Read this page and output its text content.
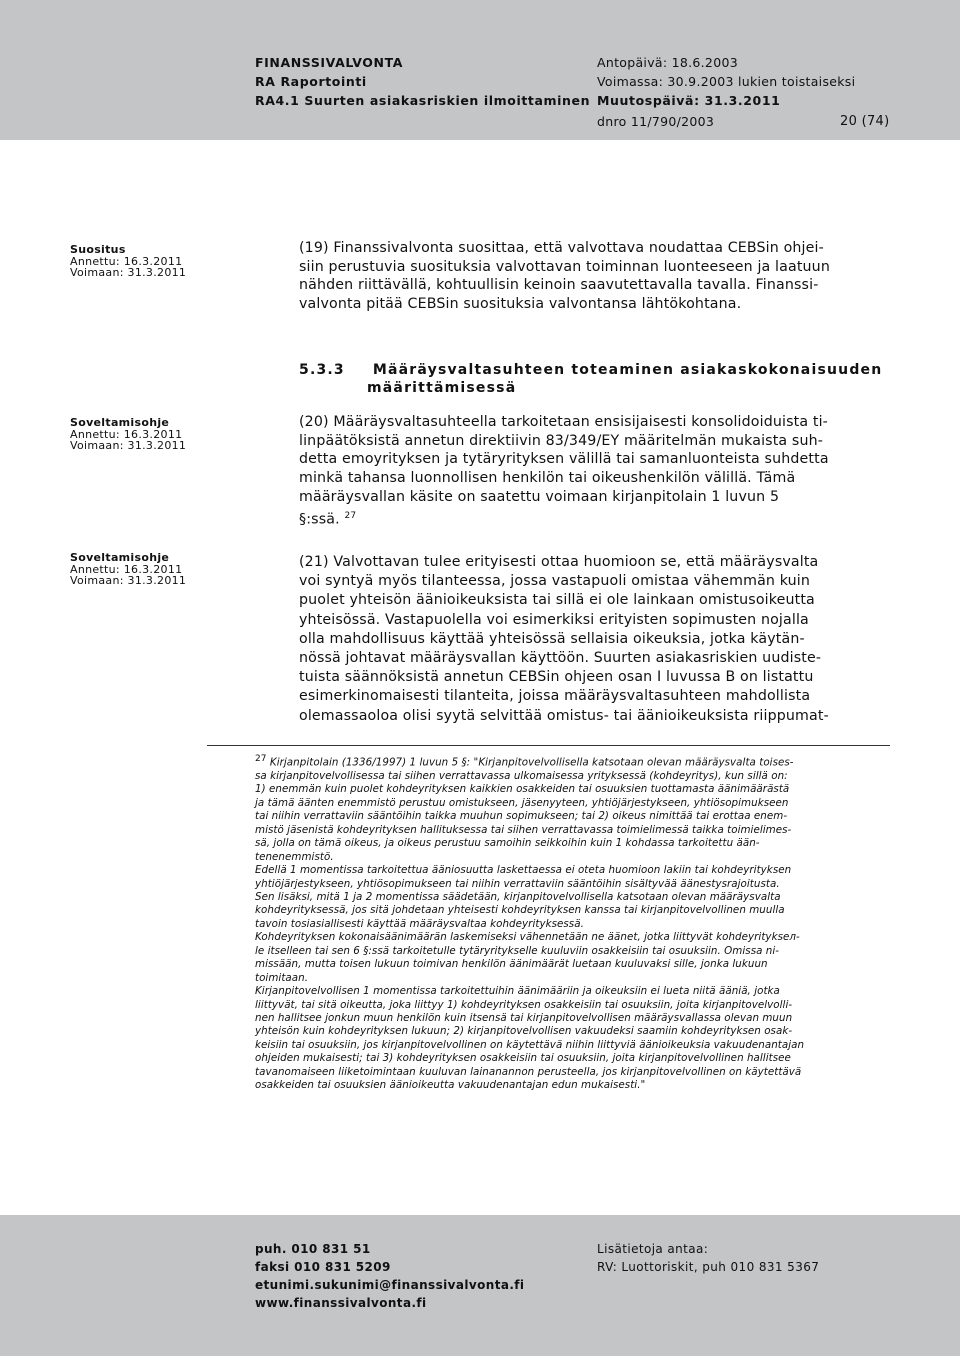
FINANSSIVALVONTA
RA Raportointi
RA4.1 Suurten asiakasriskien ilmoittaminen
Antopäivä: 18.6.2003
Voimassa: 30.9.2003 lukien toistaiseksi
Muutospäivä: 31.3.2011
dnro 11/790/2003	20 (74)
Suositus
Annettu: 16.3.2011
Voimaan: 31.3.2011
(19) Finanssivalvonta suosittaa, että valvottava noudattaa CEBSin ohjei-
siin perustuvia suosituksia valvottavan toiminnan luonteeseen ja laatuun
nähden riittävällä, kohtuullisin keinoin saavutettavalla tavalla. Finanssi-
valvonta pitää CEBSin suosituksia valvontansa lähtökohtana.
5.3.3 Määräysvaltasuhteen toteaminen asiakaskokonaisuuden
määrittämisessä
Soveltamisohje
Annettu: 16.3.2011
Voimaan: 31.3.2011
(20) Määräysvaltasuhteella tarkoitetaan ensisijaisesti konsolidoiduista ti-
linpäätöksistä annetun direktiivin 83/349/EY määritelmän mukaista suh-
detta emoyrityksen ja tytäryrityksen välillä tai samanluonteista suhdetta
minkä tahansa luonnollisen henkilön tai oikeushenkilön välillä. Tämä
määräysvallan käsite on saatettu voimaan kirjanpitolain 1 luvun 5
§:ssä. $^{27}$
Soveltamisohje
Annettu: 16.3.2011
Voimaan: 31.3.2011
(21) Valvottavan tulee erityisesti ottaa huomioon se, että määräysvalta
voi syntyä myös tilanteessa, jossa vastapuoli omistaa vähemmän kuin
puolet yhteisön äänioikeuksista tai sillä ei ole lainkaan omistusoikeutta
yhteisössä. Vastapuolella voi esimerkiksi erityisten sopimusten nojalla
olla mahdollisuus käyttää yhteisössä sellaisia oikeuksia, jotka käytän-
nössä johtavat määräysvallan käyttöön. Suurten asiakasriskien uudiste-
tuista säännöksistä annetun CEBSin ohjeen osan I luvussa B on listattu
esimerkinomaisesti tilanteita, joissa määräysvaltasuhteen mahdollista
olemassaoloa olisi syytä selvittää omistus- tai äänioikeuksista riippumat-
$^{27}$ Kirjanpitolain (1336/1997) 1 luvun 5 §: "Kirjanpitovelvollisella katsotaan olevan määräysvalta toises-
sa kirjanpitovelvollisessa tai siihen verrattavassa ulkomaisessa yrityksessä (kohdeyritys), kun sillä on:
1) enemmän kuin puolet kohdeyrityksen kaikkien osakkeiden tai osuuksien tuottamasta äänimäärästä
ja tämä äänten enemmistö perustuu omistukseen, jäsenyyteen, yhtiöjärjestykseen, yhtiösopimukseen
tai niihin verrattaviin sääntöihin taikka muuhun sopimukseen; tai 2) oikeus nimittää tai erottaa enem-
mistö jäsenistä kohdeyrityksen hallituksessa tai siihen verrattavassa toimielimessä taikka toimielimes-
sä, jolla on tämä oikeus, ja oikeus perustuu samoihin seikkoihin kuin 1 kohdassa tarkoitettu ään-
tenenemmistö.
Edellä 1 momentissa tarkoitettua ääniosuutta laskettaessa ei oteta huomioon lakiin tai kohdeyrityksen
yhtiöjärjestykseen, yhtiösopimukseen tai niihin verrattaviin sääntöihin sisältyvää äänestysrajoitusta.
Sen lisäksi, mitä 1 ja 2 momentissa säädetään, kirjanpitovelvollisella katsotaan olevan määräysvalta
kohdeyrityksessä, jos sitä johdetaan yhteisesti kohdeyrityksen kanssa tai kirjanpitovelvollinen muulla
tavoin tosiasiallisesti käyttää määräysvaltaa kohdeyrityksessä.
Kohdeyrityksen kokonaisäänimäärän laskemiseksi vähennetään ne äänet, jotka liittyvät kohdeyritykseл-
le itselleen tai sen 6 §:ssä tarkoitetulle tytäryritykselle kuuluviin osakkeisiin tai osuuksiin. Omissa ni-
missään, mutta toisen lukuun toimivan henkilön äänimäärät luetaan kuuluvaksi sille, jonka lukuun
toimitaan.
Kirjanpitovelvollisen 1 momentissa tarkoitettuihin äänimääriin ja oikeuksiin ei lueta niitä ääniä, jotka
liittyvät, tai sitä oikeutta, joka liittyy 1) kohdeyrityksen osakkeisiin tai osuuksiin, joita kirjanpitovelvolli-
nen hallitsee jonkun muun henkilön kuin itsensä tai kirjanpitovelvollisen määräysvallassa olevan muun
yhteisön kuin kohdeyrityksen lukuun; 2) kirjanpitovelvollisen vakuudeksi saamiin kohdeyrityksen osak-
keisiin tai osuuksiin, jos kirjanpitovelvollinen on käytettävä niihin liittyviä äänioikeuksia vakuudenantajan
ohjeiden mukaisesti; tai 3) kohdeyrityksen osakkeisiin tai osuuksiin, joita kirjanpitovelvollinen hallitsee
tavanomaiseen liiketoimintaan kuuluvan lainanannon perusteella, jos kirjanpitovelvollinen on käytettävä
osakkeiden tai osuuksien äänioikeutta vakuudenantajan edun mukaisesti."
puh. 010 831 51
faksi 010 831 5209
etunimi.sukunimi@finanssivalvonta.fi
www.finanssivalvonta.fi
Lisätietoja antaa:
RV: Luottoriskit, puh 010 831 5367
